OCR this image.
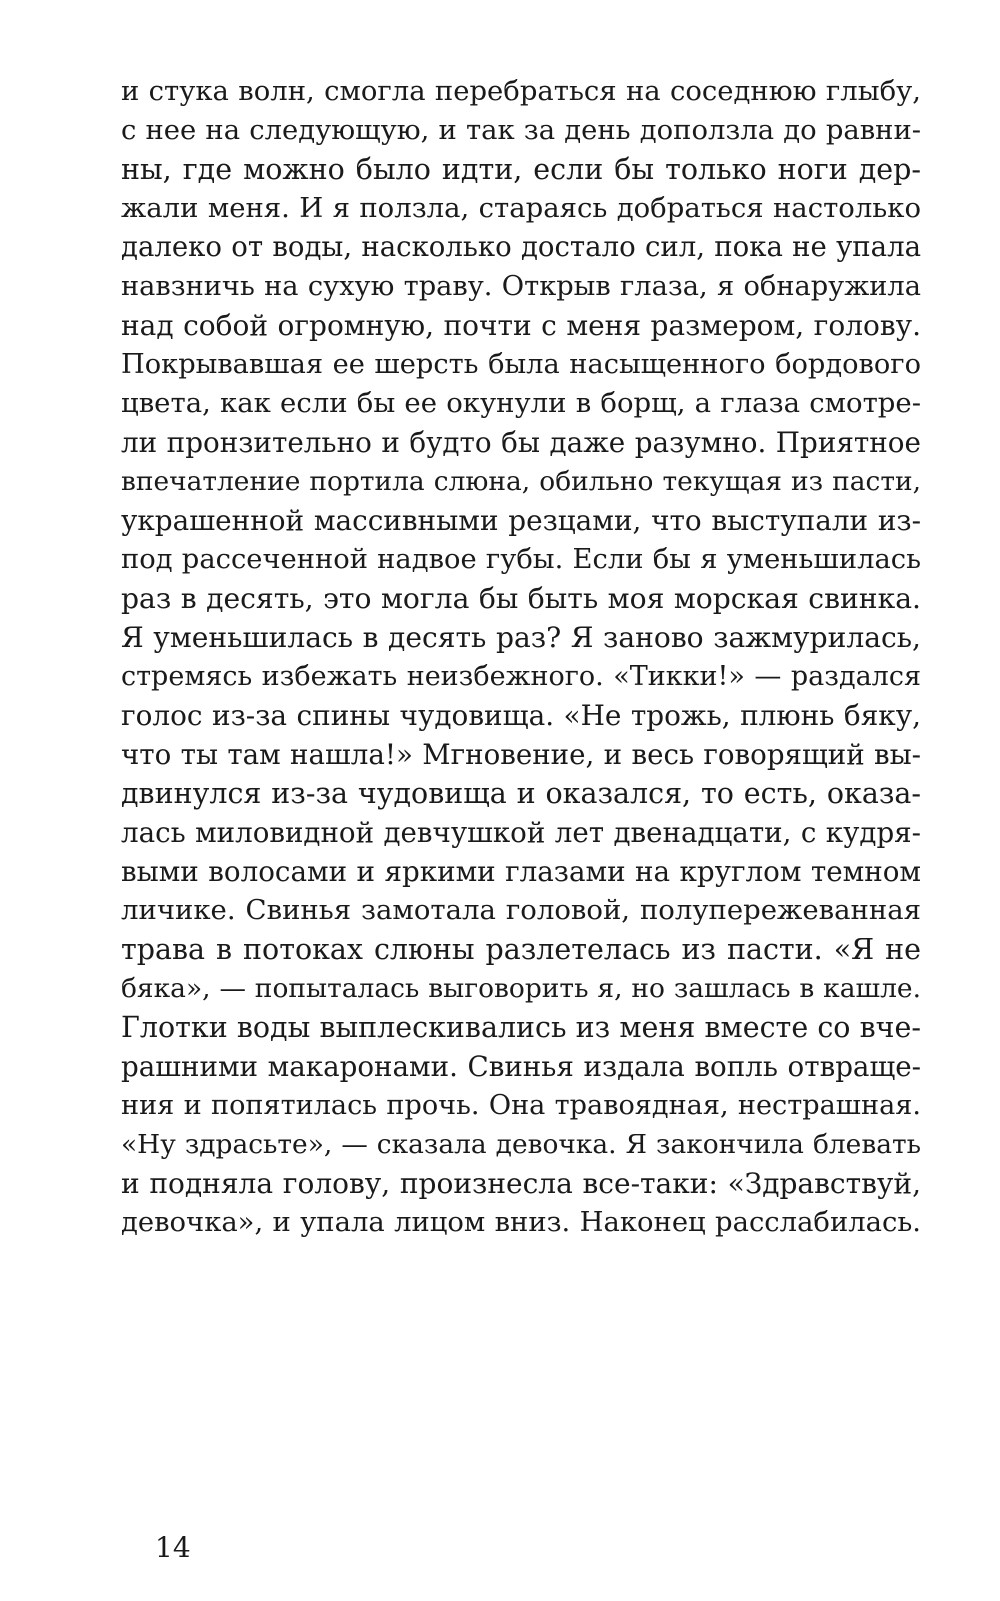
и стука волн, смогла перебраться на соседнюю глыбу,
с нее на следующую, и так за день доползла до равни-
ны, где можно было идти, если бы только ноги дер-
жали меня. И я ползла, стараясь добраться настолько
далеко от воды, насколько достало сил, пока не упала
навзничь на сухую траву. Открыв глаза, я обнаружила
над собой огромную, почти с меня размером, голову.
Покрывавшая ее шерсть была насыщенного бордового
цвета, как если бы ее окунули в борщ, а глаза смотре-
ли пронзительно и будто бы даже разумно. Приятное
впечатление портила слюна, обильно текущая из пасти,
украшенной массивными резцами, что выступали из-
под рассеченной надвое губы. Если бы я уменьшилась
раз в десять, это могла бы быть моя морская свинка.
Я уменьшилась в десять раз? Я заново зажмурилась,
стремясь избежать неизбежного. «Тикки!» — раздался
голос из-за спины чудовища. «Не трожь, плюнь бяку,
что ты там нашла!» Мгновение, и весь говорящий вы-
двинулся из-за чудовища и оказался, то есть, оказа-
лась миловидной девчушкой лет двенадцати, с кудря-
выми волосами и яркими глазами на круглом темном
личике. Свинья замотала головой, полупережеванная
трава в потоках слюны разлетелась из пасти. «Я не
бяка», — попыталась выговорить я, но зашлась в кашле.
Глотки воды выплескивались из меня вместе со вче-
рашними макаронами. Свинья издала вопль отвраще-
ния и попятилась прочь. Она травоядная, нестрашная.
«Ну здрасьте», — сказала девочка. Я закончила блевать
и подняла голову, произнесла все-таки: «Здравствуй,
девочка», и упала лицом вниз. Наконец расслабилась.
14
